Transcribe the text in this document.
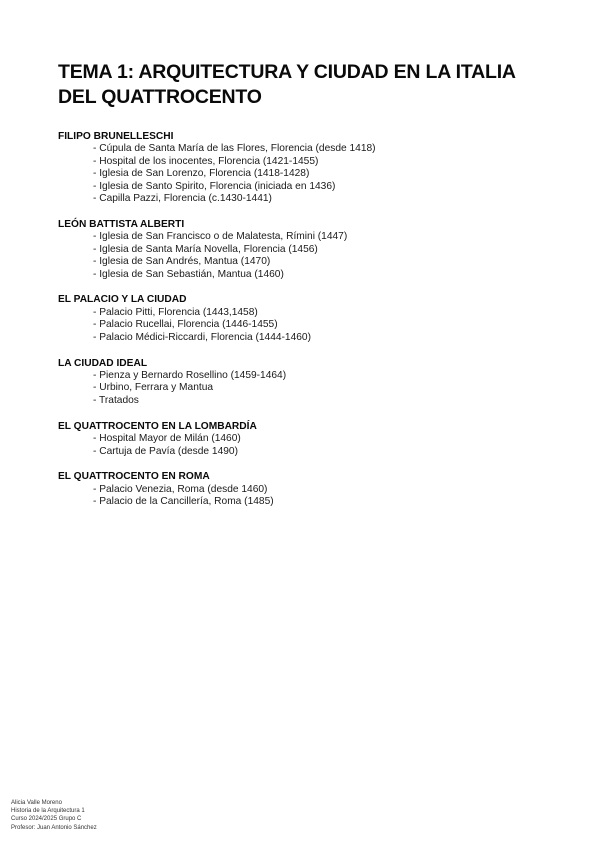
TEMA 1: ARQUITECTURA Y CIUDAD EN LA ITALIA DEL QUATTROCENTO
FILIPO BRUNELLESCHI
- Cúpula de Santa María de las Flores, Florencia (desde 1418)
- Hospital de los inocentes, Florencia (1421-1455)
- Iglesia de San Lorenzo, Florencia (1418-1428)
- Iglesia de Santo Spirito, Florencia (iniciada en 1436)
- Capilla Pazzi, Florencia (c.1430-1441)
LEÓN BATTISTA ALBERTI
- Iglesia de San Francisco o de Malatesta, Rímini (1447)
- Iglesia de Santa María Novella, Florencia (1456)
- Iglesia de San Andrés, Mantua (1470)
- Iglesia de San Sebastián, Mantua (1460)
EL PALACIO Y LA CIUDAD
- Palacio Pitti, Florencia (1443,1458)
- Palacio Rucellai, Florencia (1446-1455)
- Palacio Médici-Riccardi, Florencia (1444-1460)
LA CIUDAD IDEAL
- Pienza y Bernardo Rosellino (1459-1464)
- Urbino, Ferrara y Mantua
- Tratados
EL QUATTROCENTO EN LA LOMBARDÍA
- Hospital Mayor de Milán (1460)
- Cartuja de Pavía (desde 1490)
EL QUATTROCENTO EN ROMA
- Palacio Venezia, Roma (desde 1460)
- Palacio de la Cancillería, Roma (1485)
Alicia Valle Moreno
Historia de la Arquitectura 1
Curso 2024/2025 Grupo C
Profesor: Juan Antonio Sánchez
